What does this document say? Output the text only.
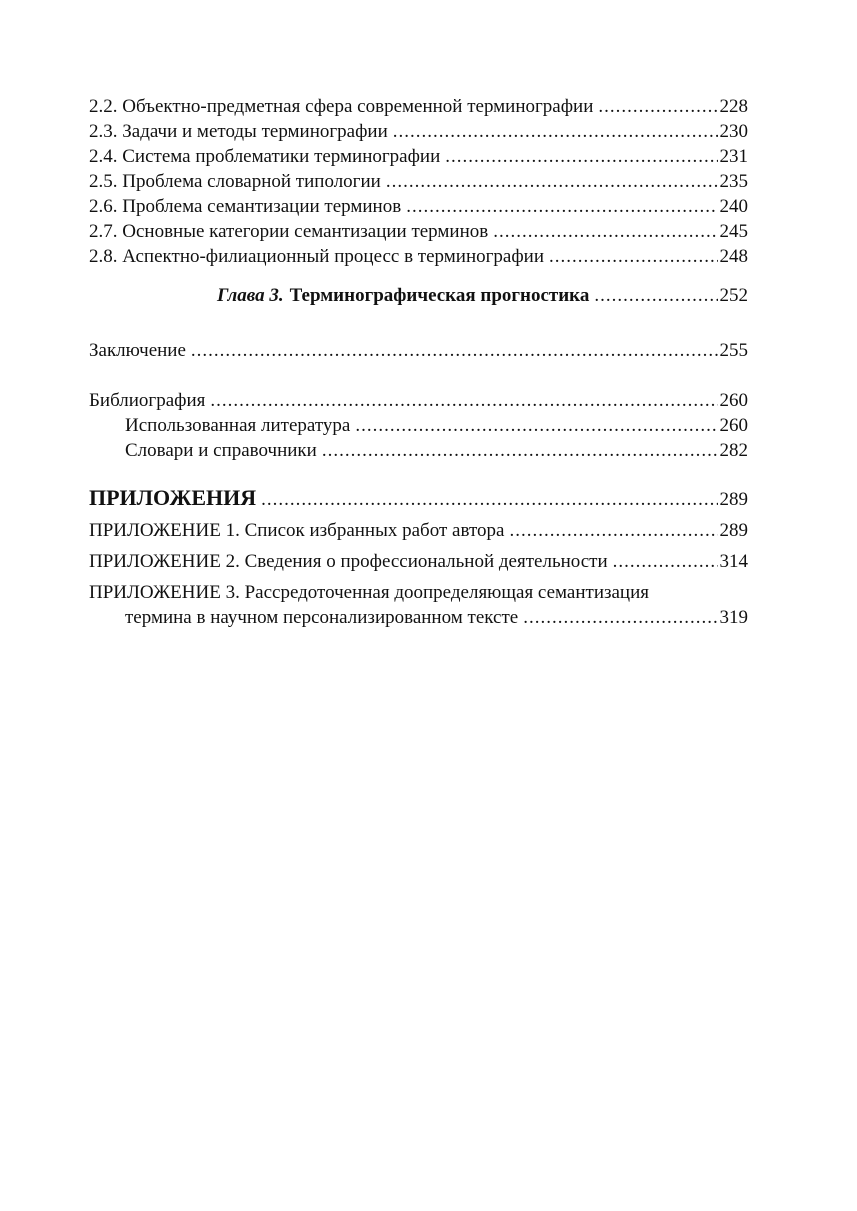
2.2. Объектно-предметная сфера современной терминографии .....	228
2.3. Задачи и методы терминографии .....	230
2.4. Система проблематики терминографии .....	231
2.5. Проблема словарной типологии .....	235
2.6. Проблема семантизации терминов .....	240
2.7. Основные категории семантизации терминов .....	245
2.8. Аспектно-филиационный процесс в терминографии .....	248
Глава 3. Терминографическая прогностика .....	252
Заключение .....	255
Библиография .....	260
Использованная литература .....	260
Словари и справочники .....	282
ПРИЛОЖЕНИЯ .....	289
ПРИЛОЖЕНИЕ 1. Список избранных работ автора .....	289
ПРИЛОЖЕНИЕ 2. Сведения о профессиональной деятельности .....	314
ПРИЛОЖЕНИЕ 3. Рассредоточенная доопределяющая семантизация
термина в научном персонализированном тексте .....	319
